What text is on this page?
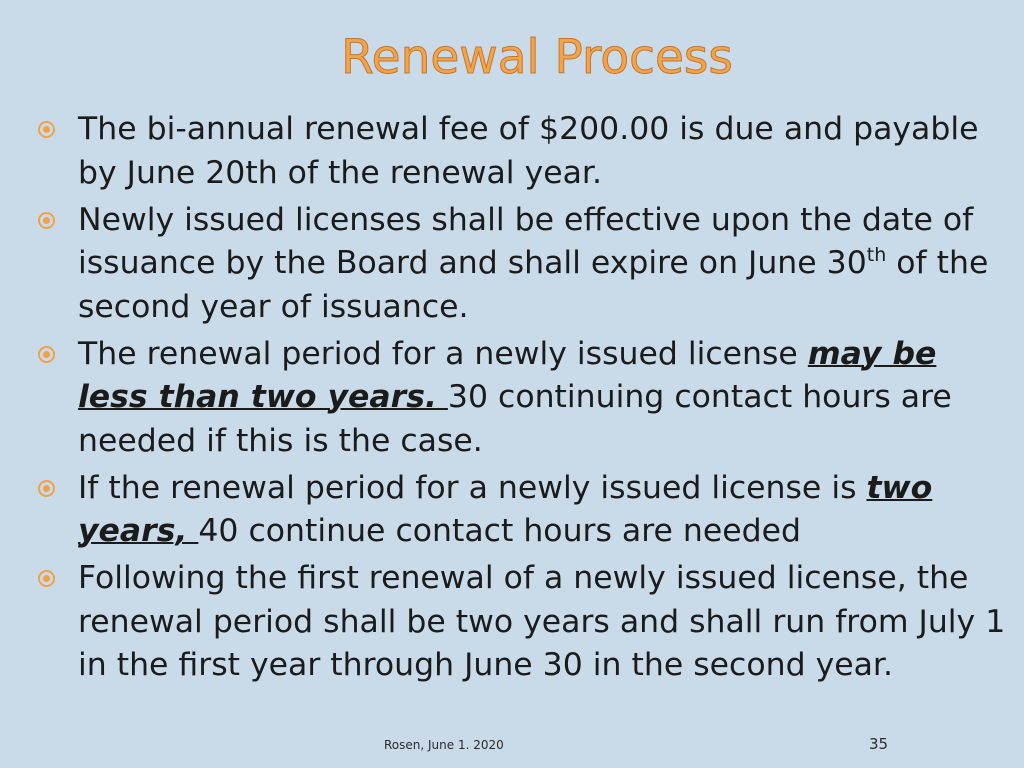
Renewal Process
The bi-annual renewal fee of $200.00 is due and payable by June 20th of the renewal year.
Newly issued licenses shall be effective upon the date of issuance by the Board and shall expire on June 30th of the second year of issuance.
The renewal period for a newly issued license may be less than two years. 30 continuing contact hours are needed if this is the case.
If the renewal period for a newly issued license is two years, 40 continue contact hours are needed
Following the first renewal of a newly issued license, the renewal period shall be two years and shall run from July 1 in the first year through June 30 in the second year.
Rosen, June 1. 2020	35
